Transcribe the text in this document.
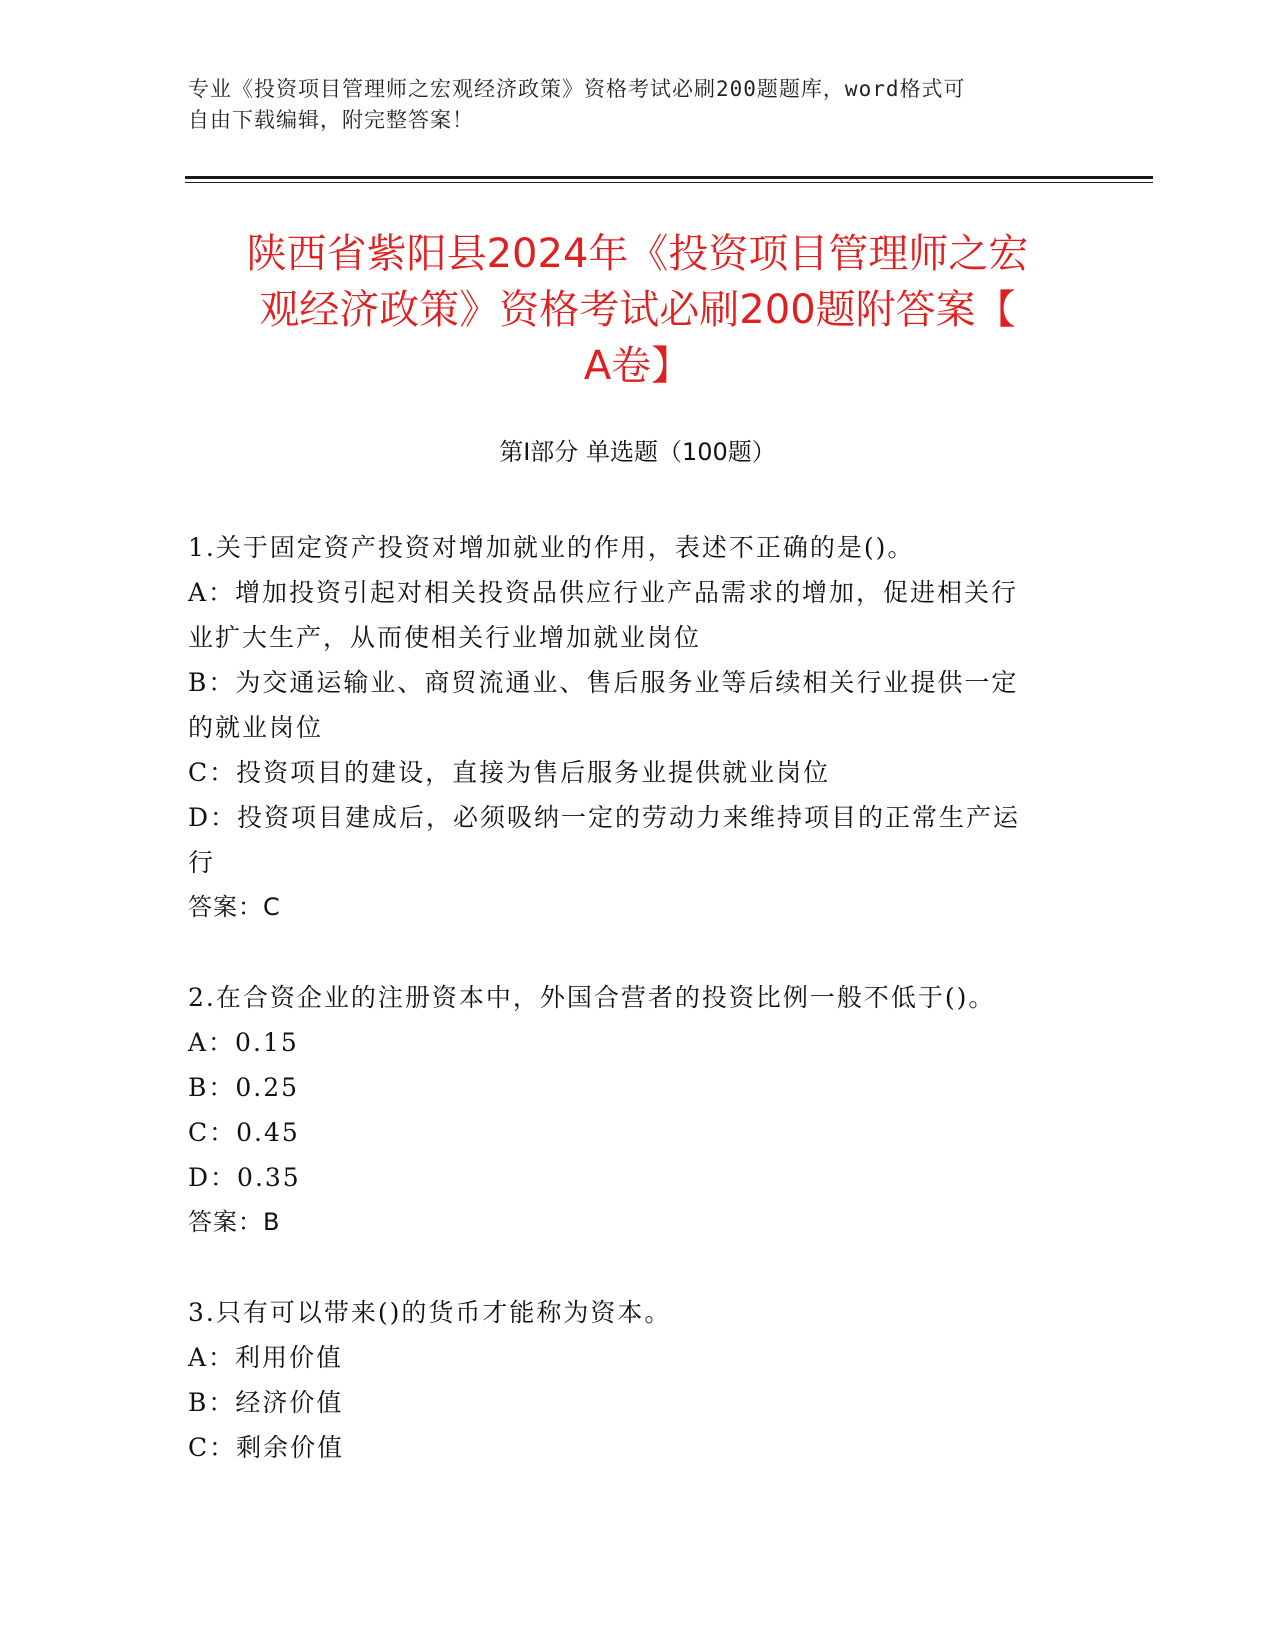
专业《投资项目管理师之宏观经济政策》资格考试必刷200题题库，word格式可
自由下载编辑，附完整答案！
陕西省紫阳县2024年《投资项目管理师之宏
观经济政策》资格考试必刷200题附答案【
A卷】
第Ⅰ部分 单选题（100题）
1.关于固定资产投资对增加就业的作用，表述不正确的是()。
A：增加投资引起对相关投资品供应行业产品需求的增加，促进相关行
业扩大生产，从而使相关行业增加就业岗位
B：为交通运输业、商贸流通业、售后服务业等后续相关行业提供一定
的就业岗位
C：投资项目的建设，直接为售后服务业提供就业岗位
D：投资项目建成后，必须吸纳一定的劳动力来维持项目的正常生产运
行
答案：C
2.在合资企业的注册资本中，外国合营者的投资比例一般不低于()。
A：0.15
B：0.25
C：0.45
D：0.35
答案：B
3.只有可以带来()的货币才能称为资本。
A：利用价值
B：经济价值
C：剩余价值
